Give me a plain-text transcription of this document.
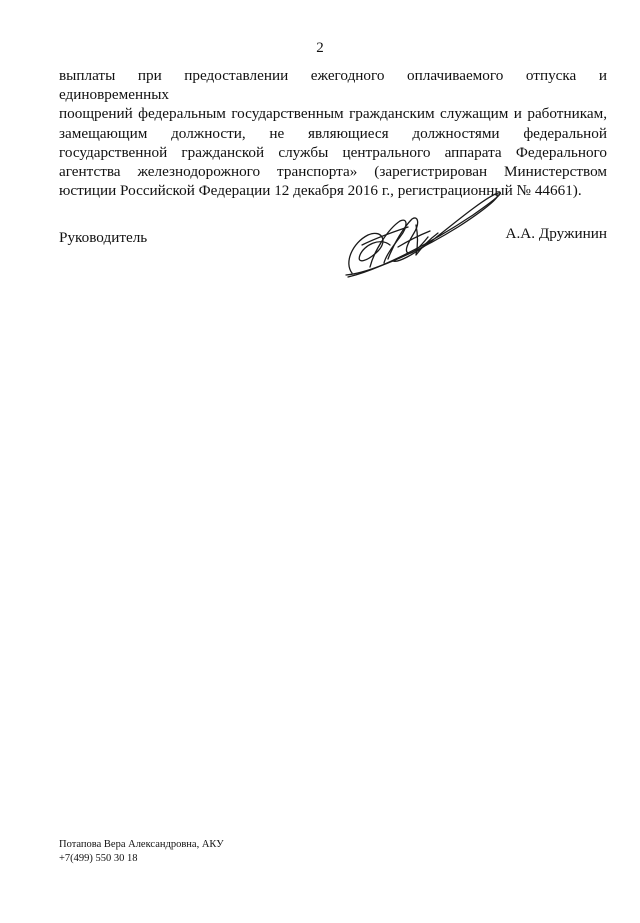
2
выплаты при предоставлении ежегодного оплачиваемого отпуска и единовременных
поощрений федеральным государственным гражданским служащим и работникам,
замещающим должности, не являющиеся должностями федеральной
государственной гражданской службы центрального аппарата Федерального
агентства железнодорожного транспорта» (зарегистрирован Министерством
юстиции Российской Федерации 12 декабря 2016 г., регистрационный № 44661).
Руководитель	А.А. Дружинин
Потапова Вера Александровна, АКУ
+7(499) 550 30 18
